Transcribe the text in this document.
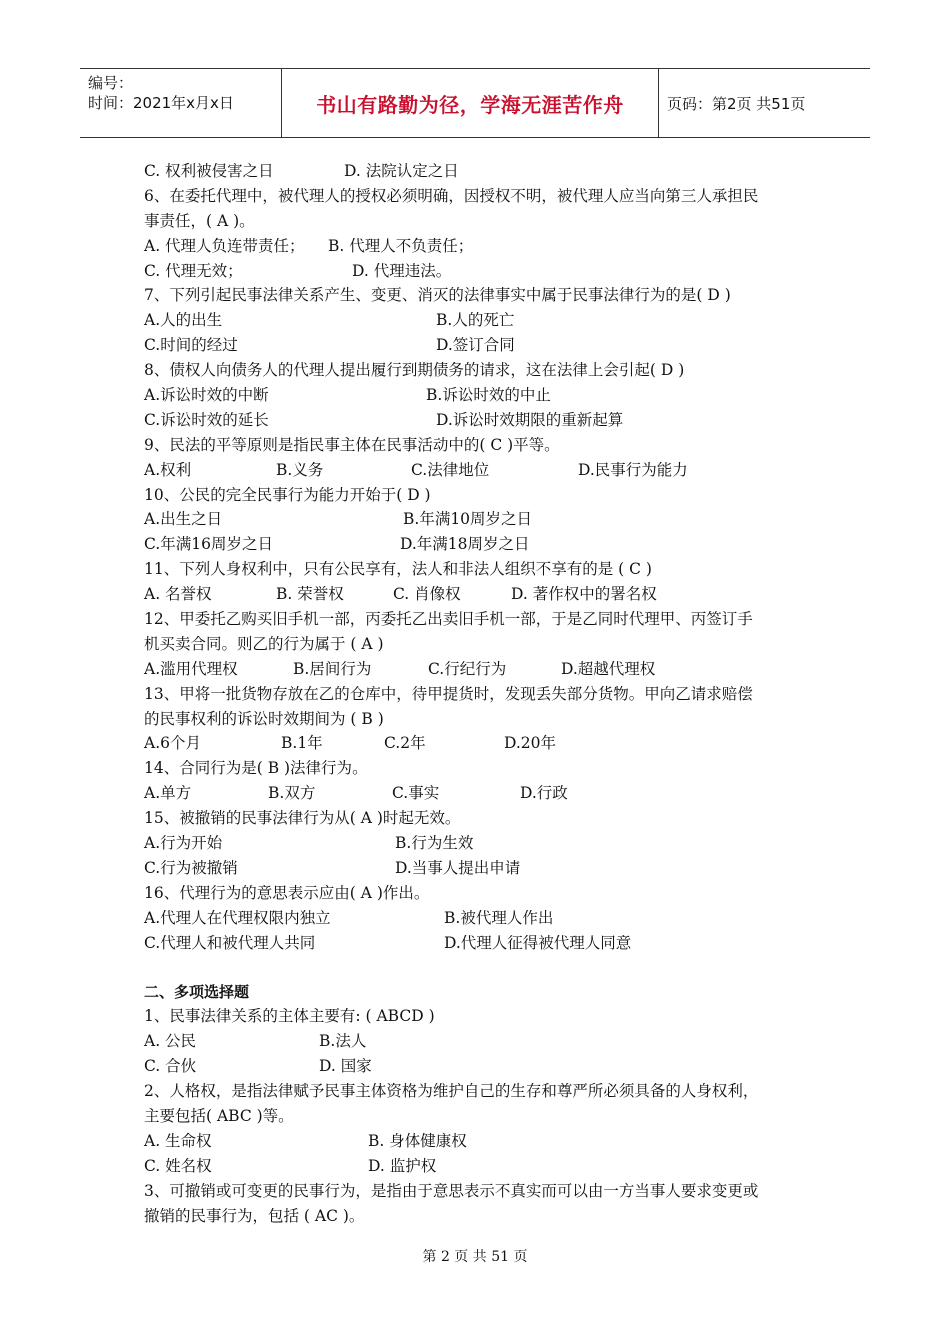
编号：
时间：2021年x月x日	书山有路勤为径，学海无涯苦作舟	页码：第2页 共51页
C. 权利被侵害之日	D. 法院认定之日
6、在委托代理中，被代理人的授权必须明确，因授权不明，被代理人应当向第三人承担民
事责任，( A )。
A. 代理人负连带责任； B. 代理人不负责任；
C. 代理无效；	D. 代理违法。
7、下列引起民事法律关系产生、变更、消灭的法律事实中属于民事法律行为的是( D )
A.人的出生	B.人的死亡
C.时间的经过	D.签订合同
8、债权人向债务人的代理人提出履行到期债务的请求，这在法律上会引起( D )
A.诉讼时效的中断	B.诉讼时效的中止
C.诉讼时效的延长	D.诉讼时效期限的重新起算
9、民法的平等原则是指民事主体在民事活动中的( C )平等。
A.权利	B.义务	C.法律地位	D.民事行为能力
10、公民的完全民事行为能力开始于( D )
A.出生之日	B.年满10周岁之日
C.年满16周岁之日	D.年满18周岁之日
11、下列人身权利中，只有公民享有，法人和非法人组织不享有的是 ( C )
A. 名誉权	B. 荣誉权	C. 肖像权	D. 著作权中的署名权
12、甲委托乙购买旧手机一部，丙委托乙出卖旧手机一部，于是乙同时代理甲、丙签订手
机买卖合同。则乙的行为属于 ( A )
A.滥用代理权	B.居间行为	C.行纪行为	D.超越代理权
13、甲将一批货物存放在乙的仓库中，待甲提货时，发现丢失部分货物。甲向乙请求赔偿
的民事权利的诉讼时效期间为 ( B )
A.6个月	B.1年	C.2年	D.20年
14、合同行为是( B )法律行为。
A.单方	B.双方	C.事实	D.行政
15、被撤销的民事法律行为从( A )时起无效。
A.行为开始	B.行为生效
C.行为被撤销	D.当事人提出申请
16、代理行为的意思表示应由( A )作出。
A.代理人在代理权限内独立	B.被代理人作出
C.代理人和被代理人共同	D.代理人征得被代理人同意
二、多项选择题
1、民事法律关系的主体主要有: ( ABCD )
A. 公民	B.法人
C. 合伙	D. 国家
2、人格权，是指法律赋予民事主体资格为维护自己的生存和尊严所必须具备的人身权利，
主要包括( ABC )等。
A. 生命权	B. 身体健康权
C. 姓名权	D. 监护权
3、可撤销或可变更的民事行为，是指由于意思表示不真实而可以由一方当事人要求变更或
撤销的民事行为，包括 ( AC )。
第 2 页 共 51 页
